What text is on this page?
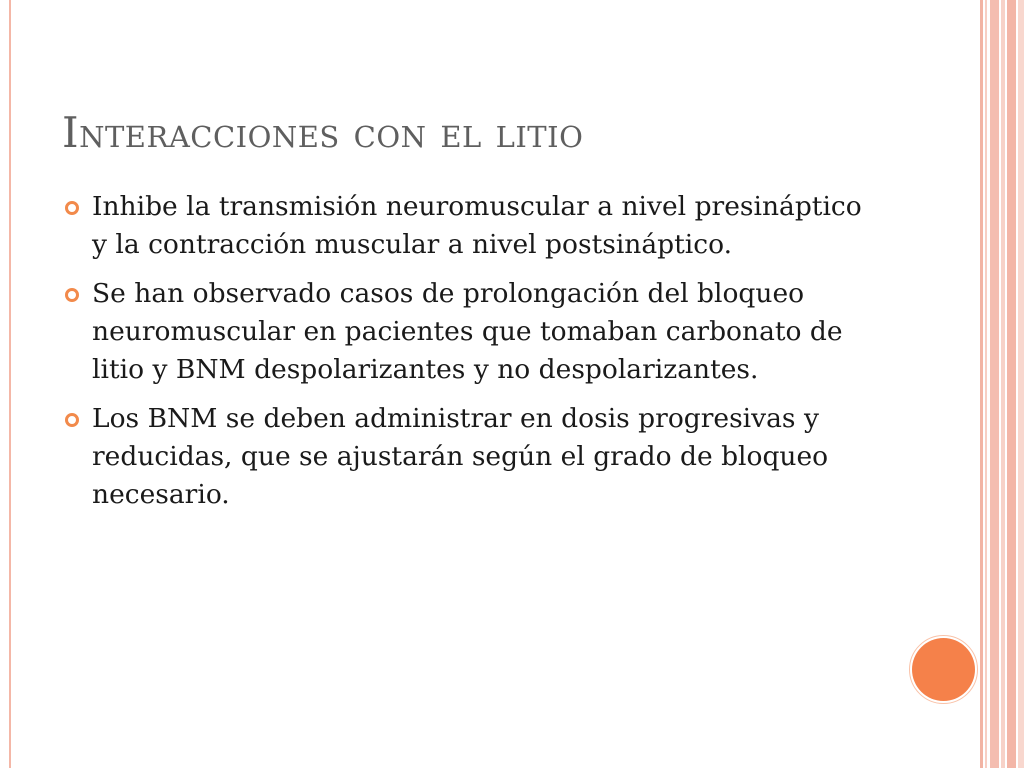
Interacciones con el litio
Inhibe la transmisión neuromuscular a nivel presináptico y la contracción muscular a nivel postsináptico.
Se han observado casos de prolongación del bloqueo neuromuscular en pacientes que tomaban carbonato de litio y BNM despolarizantes y no despolarizantes.
Los BNM se deben administrar en dosis progresivas y reducidas, que se ajustarán según el grado de bloqueo necesario.
